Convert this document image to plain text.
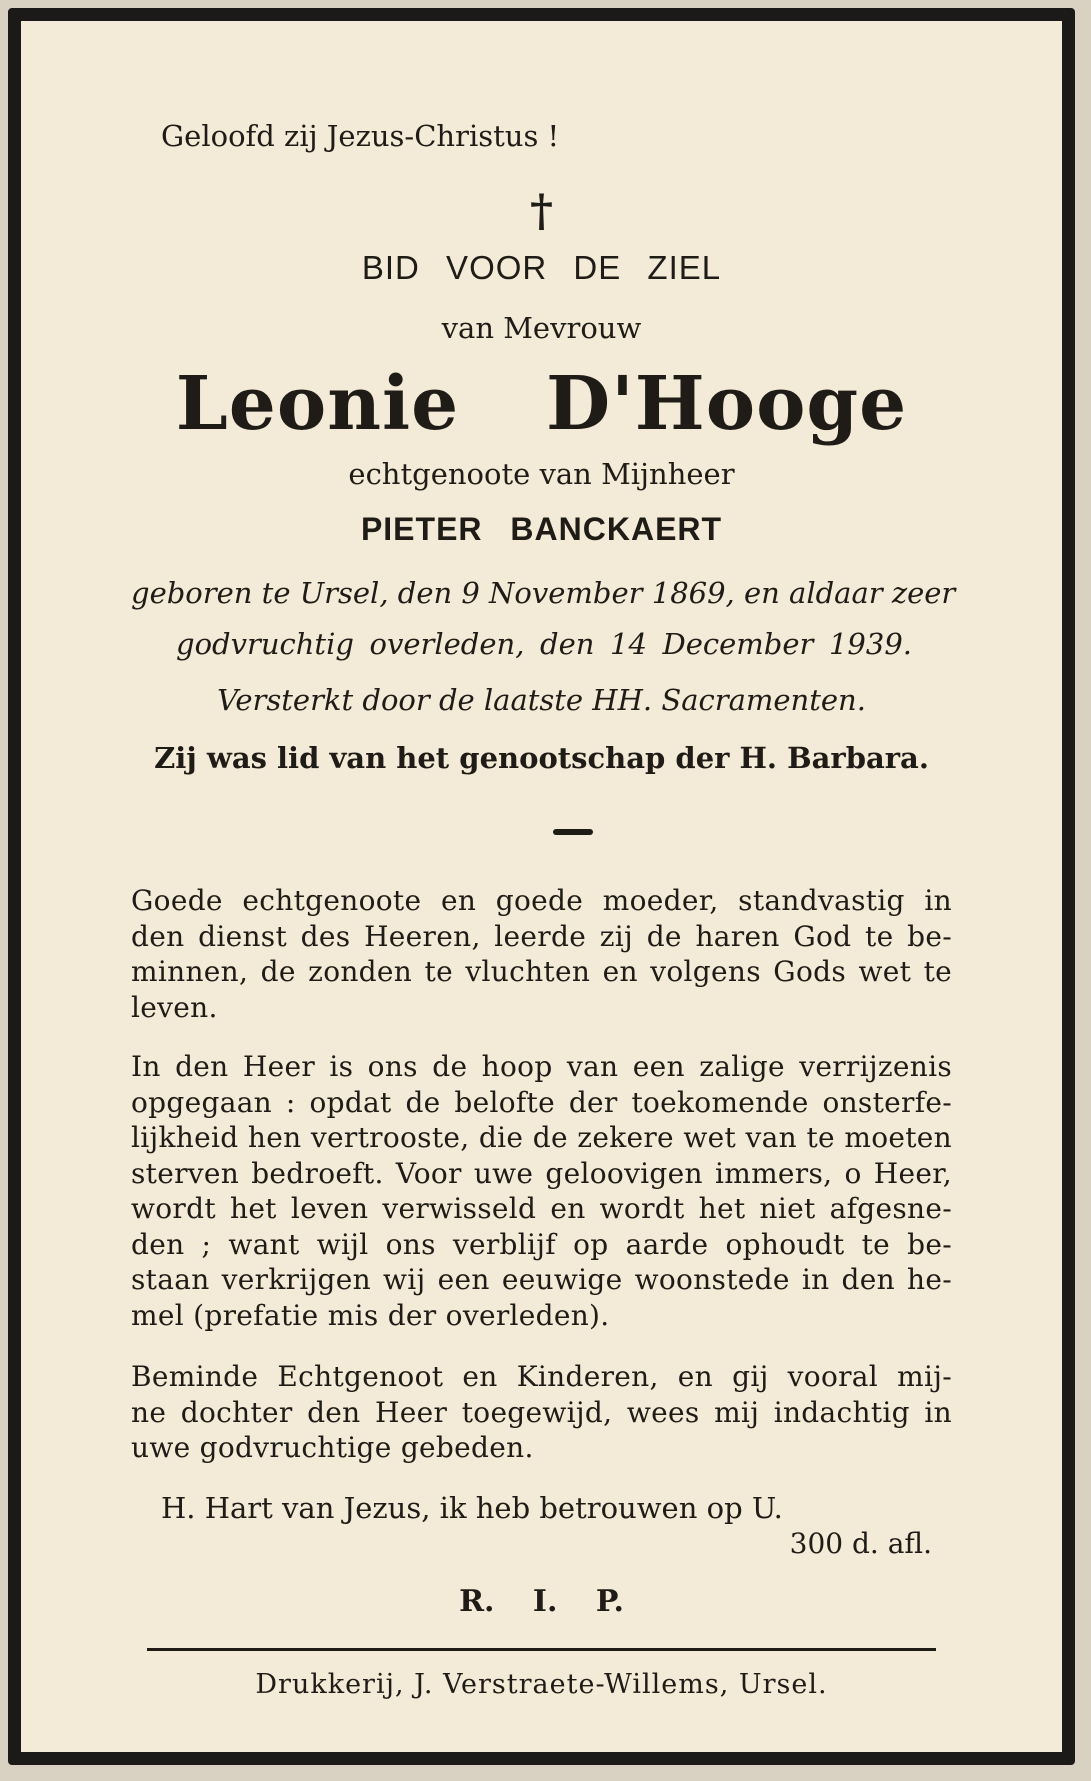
Geloofd zij Jezus-Christus !
†
BID VOOR DE ZIEL
van Mevrouw
Leonie D'Hooge
echtgenoote van Mijnheer
PIETER BANCKAERT
geboren te Ursel, den 9 November 1869, en aldaar zeer
godvruchtig overleden, den 14 December 1939.
Versterkt door de laatste HH. Sacramenten.
Zij was lid van het genootschap der H. Barbara.
Goede echtgenoote en goede moeder, standvastig in
den dienst des Heeren, leerde zij de haren God te be-
minnen, de zonden te vluchten en volgens Gods wet te
leven.
In den Heer is ons de hoop van een zalige verrijzenis
opgegaan : opdat de belofte der toekomende onsterfe-
lijkheid hen vertrooste, die de zekere wet van te moeten
sterven bedroeft. Voor uwe geloovigen immers, o Heer,
wordt het leven verwisseld en wordt het niet afgesne-
den ; want wijl ons verblijf op aarde ophoudt te be-
staan verkrijgen wij een eeuwige woonstede in den he-
mel (prefatie mis der overleden).
Beminde Echtgenoot en Kinderen, en gij vooral mij-
ne dochter den Heer toegewijd, wees mij indachtig in
uwe godvruchtige gebeden.
H. Hart van Jezus, ik heb betrouwen op U.
300 d. afl.
R. I. P.
Drukkerij, J. Verstraete-Willems, Ursel.
